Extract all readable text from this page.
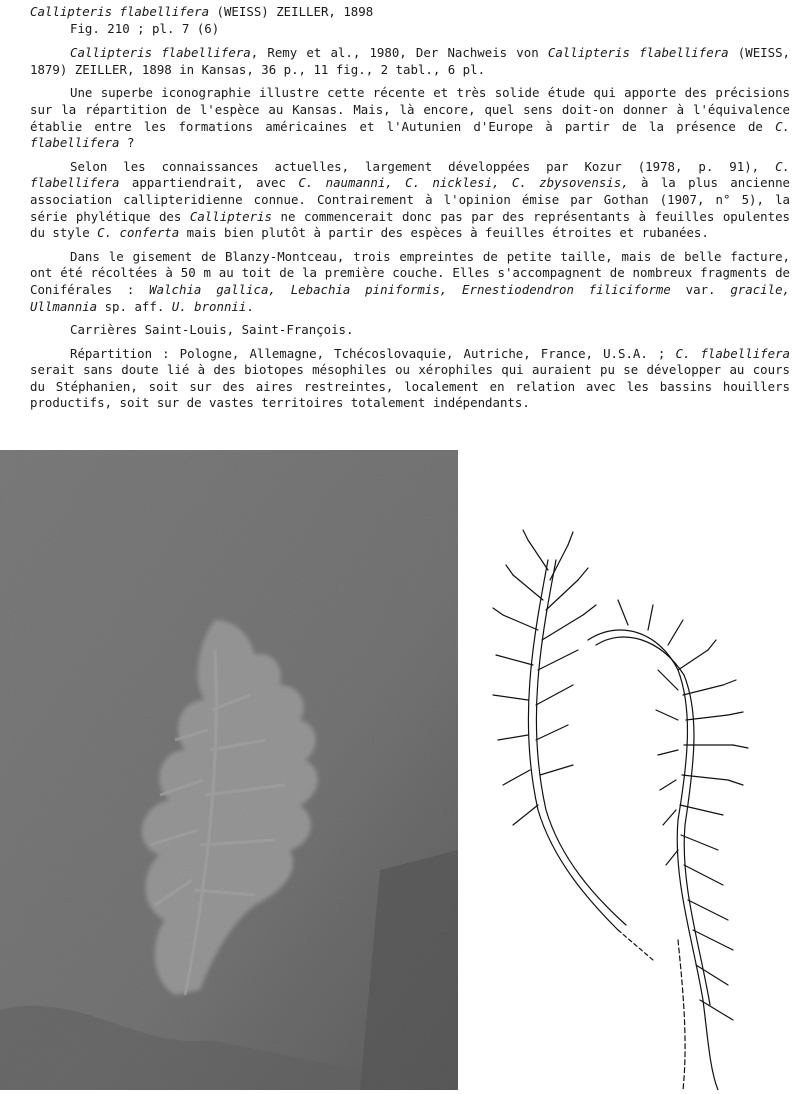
Callipteris flabellifera (WEISS) ZEILLER, 1898
Fig. 210 ; pl. 7 (6)

Callipteris flabellifera, Remy et al., 1980, Der Nachweis von Callipteris flabellifera (WEISS, 1879) ZEILLER, 1898 in Kansas, 36 p., 11 fig., 2 tabl., 6 pl.

Une superbe iconographie illustre cette récente et très solide étude qui apporte des précisions sur la répartition de l'espèce au Kansas. Mais, là encore, quel sens doit-on donner à l'équivalence établie entre les formations américaines et l'Autunien d'Europe à partir de la présence de C. flabellifera ?

Selon les connaissances actuelles, largement développées par Kozur (1978, p. 91), C. flabellifera appartiendrait, avec C. naumanni, C. nicklesi, C. zbysovensis, à la plus ancienne association callipteridienne connue. Contrairement à l'opinion émise par Gothan (1907, n° 5), la série phylétique des Callipteris ne commencerait donc pas par des représentants à feuilles opulentes du style C. conferta mais bien plutôt à partir des espèces à feuilles étroites et rubanées.

Dans le gisement de Blanzy-Montceau, trois empreintes de petite taille, mais de belle facture, ont été récoltées à 50 m au toit de la première couche. Elles s'accompagnent de nombreux fragments de Coniférales : Walchia gallica, Lebachia piniformis, Ernestiodendron filiciforme var. gracile, Ullmannia sp. aff. U. bronnii.

Carrières Saint-Louis, Saint-François.

Répartition : Pologne, Allemagne, Tchécoslovaquie, Autriche, France, U.S.A. ; C. flabellifera serait sans doute lié à des biotopes mésophiles ou xérophiles qui auraient pu se développer au cours du Stéphanien, soit sur des aires restreintes, localement en relation avec les bassins houillers productifs, soit sur de vastes territoires totalement indépendants.
